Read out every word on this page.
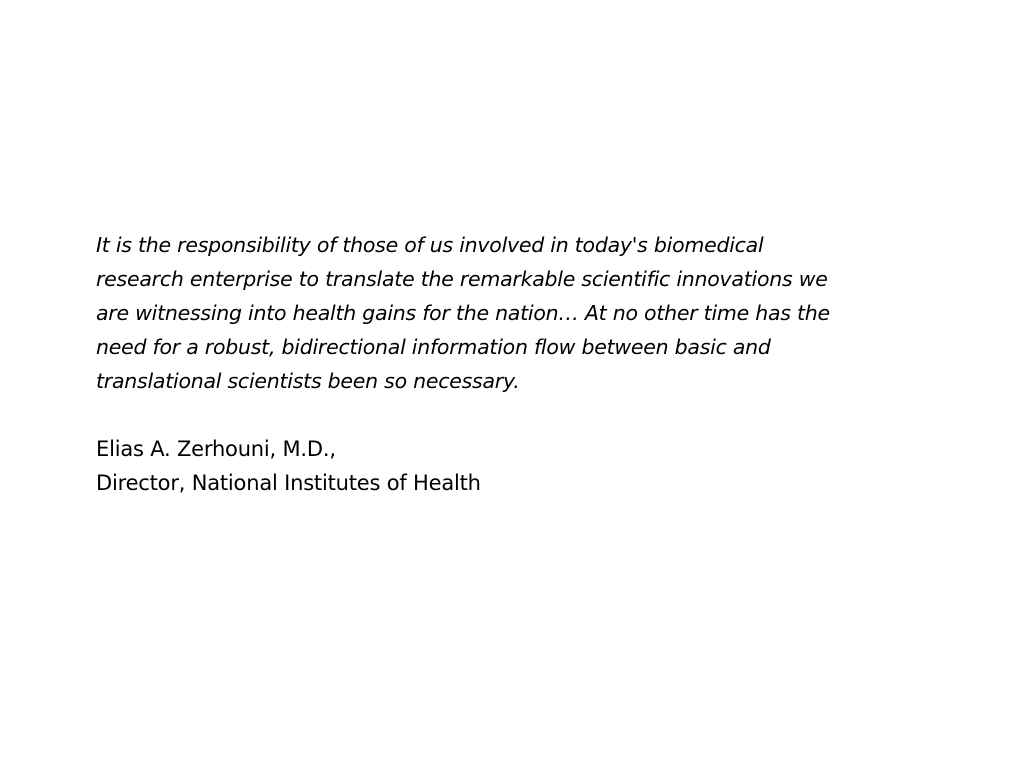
It is the responsibility of those of us involved in today's biomedical
research enterprise to translate the remarkable scientific innovations we
are witnessing into health gains for the nation… At no other time has the
need for a robust, bidirectional information flow between basic and
translational scientists been so necessary.

Elias A. Zerhouni, M.D.,
Director, National Institutes of Health
